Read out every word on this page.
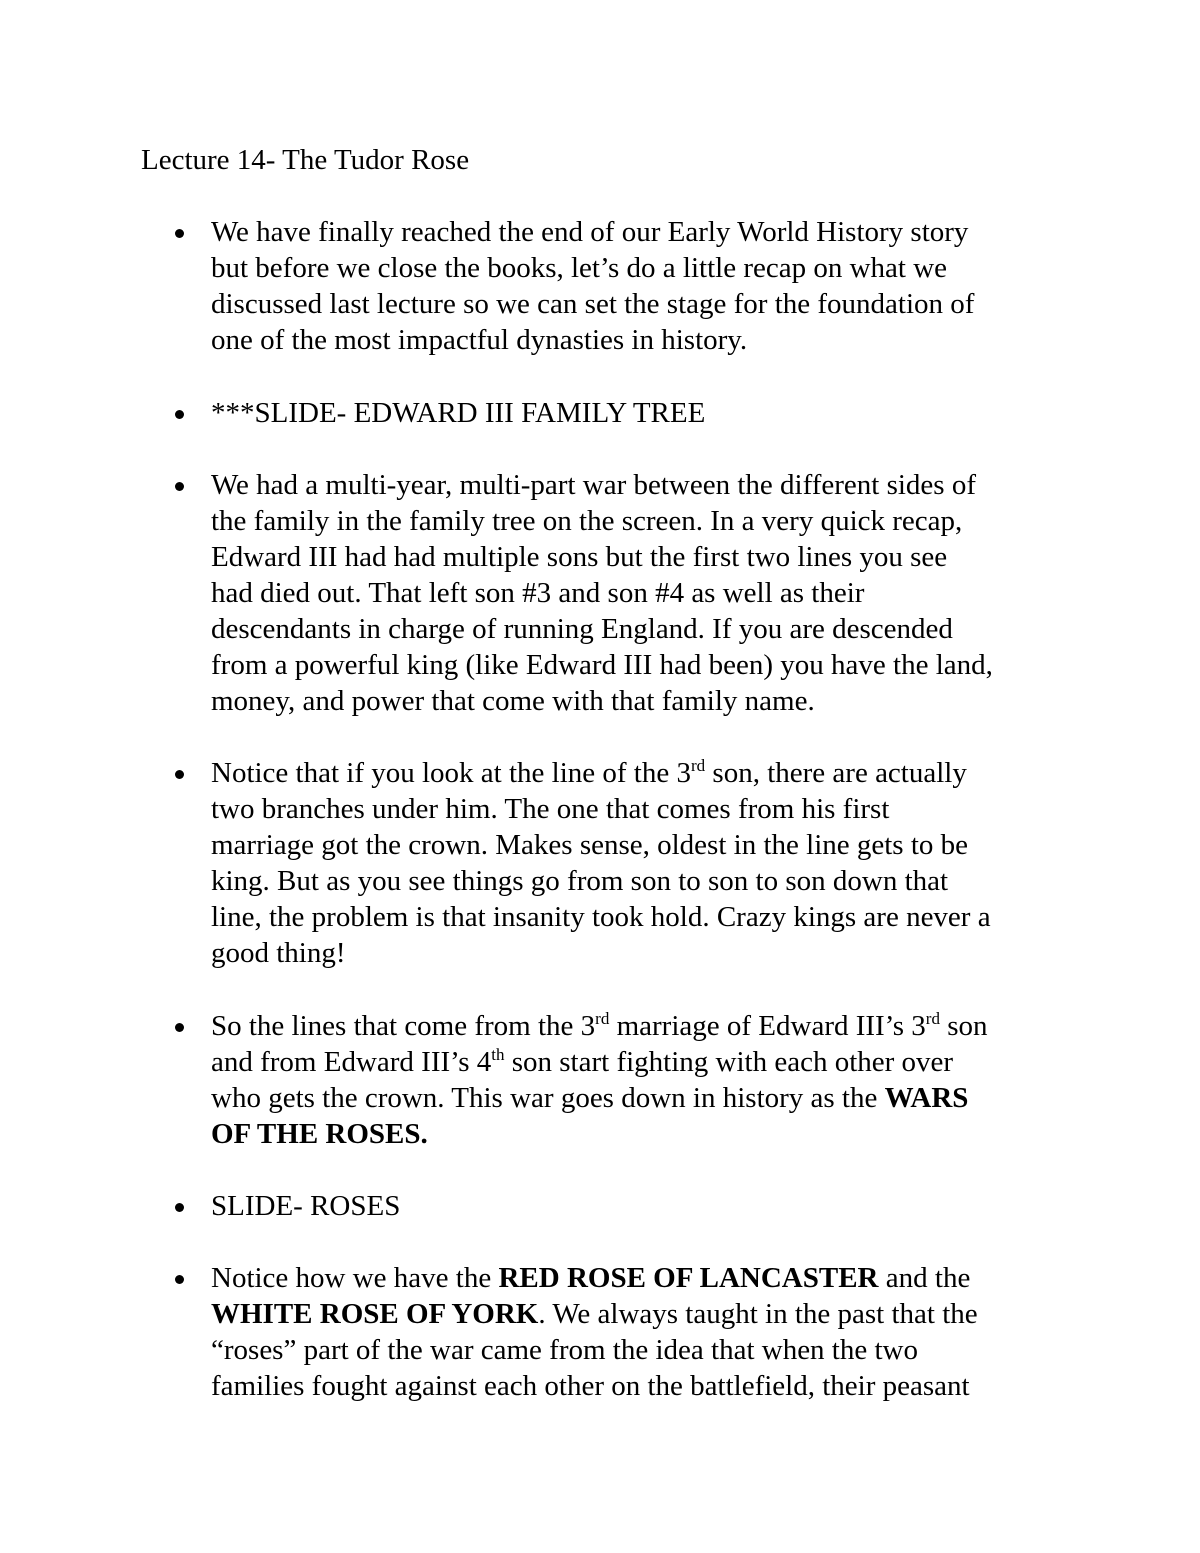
Lecture 14- The Tudor Rose
We have finally reached the end of our Early World History story
but before we close the books, let’s do a little recap on what we
discussed last lecture so we can set the stage for the foundation of
one of the most impactful dynasties in history.
***SLIDE- EDWARD III FAMILY TREE
We had a multi-year, multi-part war between the different sides of
the family in the family tree on the screen. In a very quick recap,
Edward III had had multiple sons but the first two lines you see
had died out. That left son #3 and son #4 as well as their
descendants in charge of running England. If you are descended
from a powerful king (like Edward III had been) you have the land,
money, and power that come with that family name.
Notice that if you look at the line of the 3rd son, there are actually
two branches under him. The one that comes from his first
marriage got the crown. Makes sense, oldest in the line gets to be
king. But as you see things go from son to son to son down that
line, the problem is that insanity took hold. Crazy kings are never a
good thing!
So the lines that come from the 3rd marriage of Edward III’s 3rd son
and from Edward III’s 4th son start fighting with each other over
who gets the crown. This war goes down in history as the WARS
OF THE ROSES.
SLIDE- ROSES
Notice how we have the RED ROSE OF LANCASTER and the
WHITE ROSE OF YORK. We always taught in the past that the
“roses” part of the war came from the idea that when the two
families fought against each other on the battlefield, their peasant
